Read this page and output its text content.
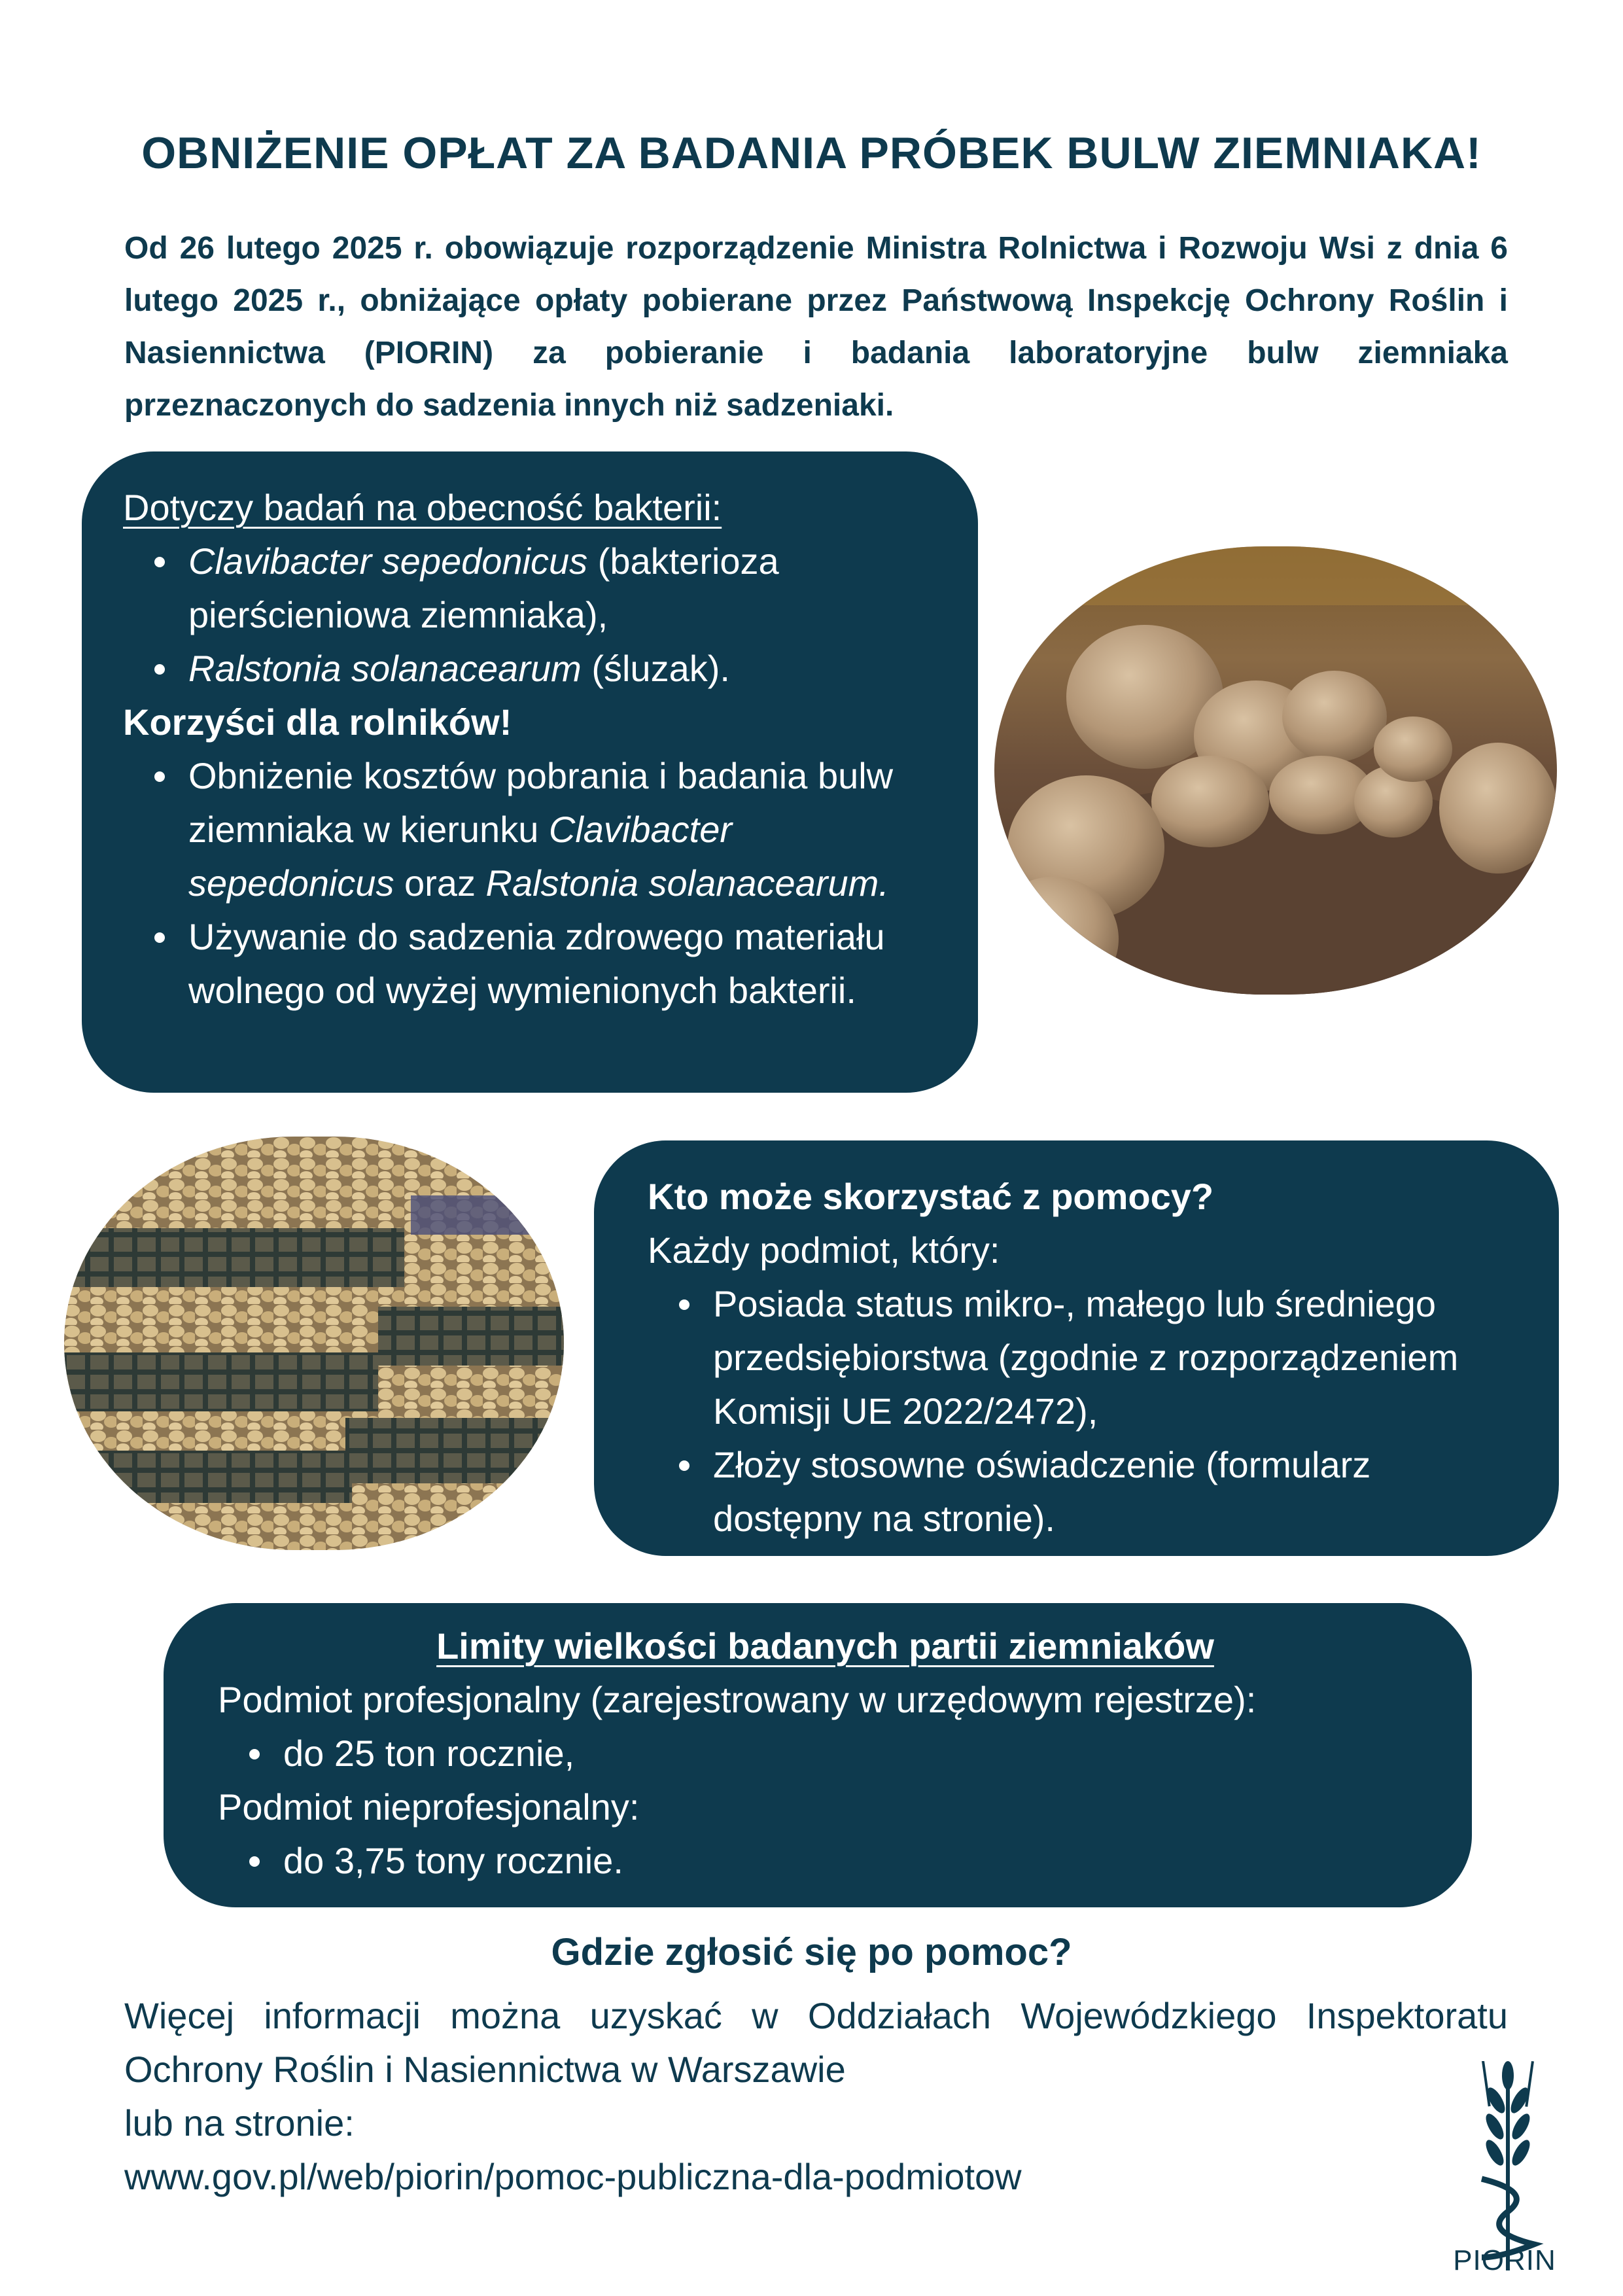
OBNIŻENIE OPŁAT ZA BADANIA PRÓBEK BULW ZIEMNIAKA!
Od 26 lutego 2025 r. obowiązuje rozporządzenie Ministra Rolnictwa i Rozwoju Wsi z dnia 6 lutego 2025 r., obniżające opłaty pobierane przez Państwową Inspekcję Ochrony Roślin i Nasiennictwa (PIORIN) za pobieranie i badania laboratoryjne bulw ziemniaka przeznaczonych do sadzenia innych niż sadzeniaki.
Dotyczy badań na obecność bakterii:
Clavibacter sepedonicus (bakterioza pierścieniowa ziemniaka),
Ralstonia solanacearum (śluzak).
Korzyści dla rolników!
Obniżenie kosztów pobrania i badania bulw ziemniaka w kierunku Clavibacter sepedonicus oraz Ralstonia solanacearum.
Używanie do sadzenia zdrowego materiału wolnego od wyżej wymienionych bakterii.
Kto może skorzystać z pomocy?
Każdy podmiot, który:
Posiada status mikro-, małego lub średniego przedsiębiorstwa (zgodnie z rozporządzeniem Komisji UE 2022/2472),
Złoży stosowne oświadczenie (formularz dostępny na stronie).
Limity wielkości badanych partii ziemniaków
Podmiot profesjonalny (zarejestrowany w urzędowym rejestrze):
do 25 ton rocznie,
Podmiot nieprofesjonalny:
do 3,75 tony rocznie.
Gdzie zgłosić się po pomoc?
Więcej informacji można uzyskać w Oddziałach Wojewódzkiego Inspektoratu
Ochrony Roślin i Nasiennictwa w Warszawie
lub na stronie:
www.gov.pl/web/piorin/pomoc-publiczna-dla-podmiotow
PIORIN
